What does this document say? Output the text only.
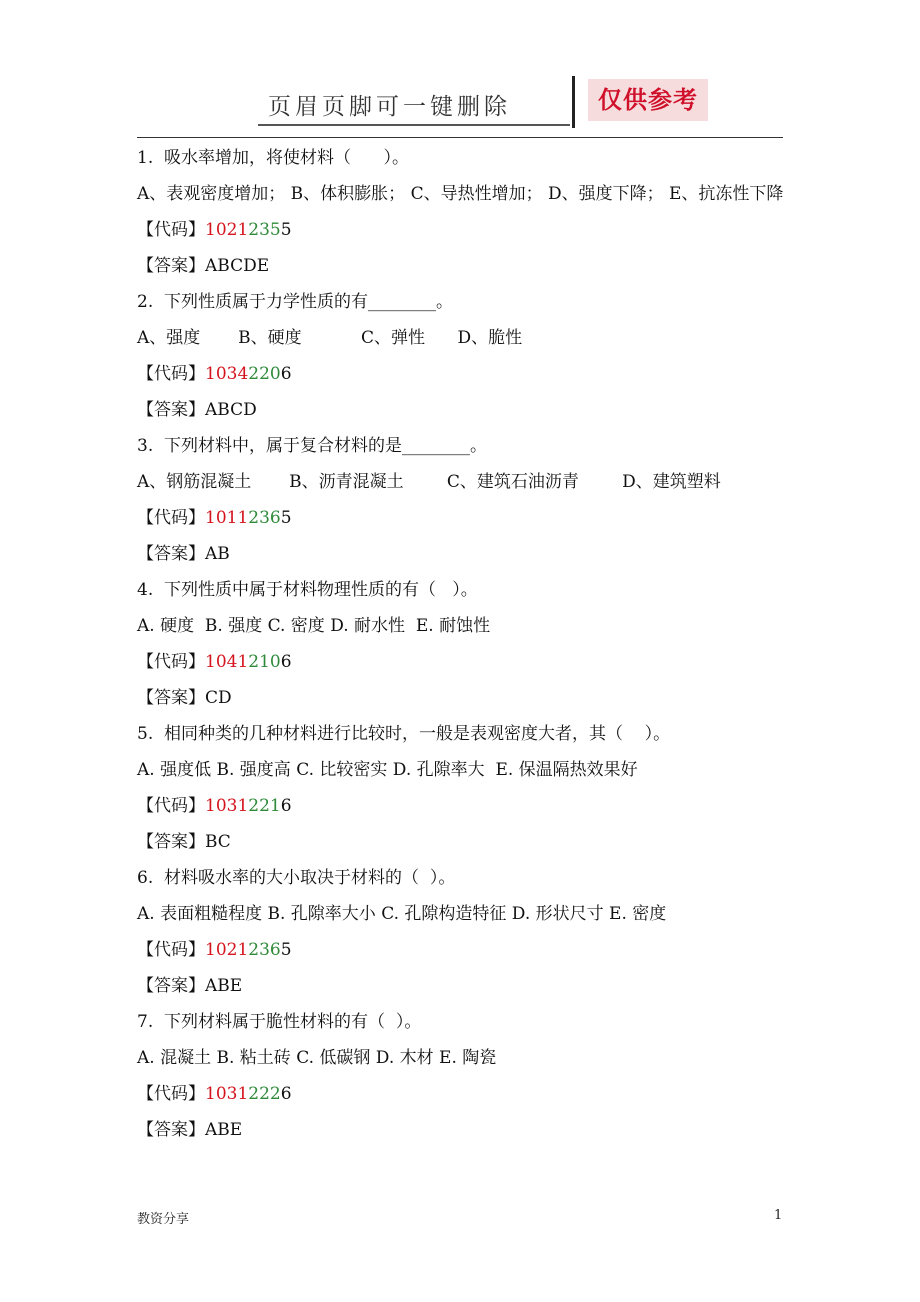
页眉页脚可一键删除	仅供参考
1.  吸水率增加，将使材料（      ）。
A、表观密度增加； B、体积膨胀； C、导热性增加； D、强度下降； E、抗冻性下降
【代码】10212355
【答案】ABCDE
2.  下列性质属于力学性质的有________。
A、强度       B、硬度           C、弹性      D、脆性
【代码】10342206
【答案】ABCD
3.  下列材料中，属于复合材料的是________。
A、钢筋混凝土       B、沥青混凝土        C、建筑石油沥青        D、建筑塑料
【代码】10112365
【答案】AB
4.  下列性质中属于材料物理性质的有（   ）。
A. 硬度  B. 强度 C. 密度 D. 耐水性  E. 耐蚀性
【代码】10412106
【答案】CD
5.  相同种类的几种材料进行比较时，一般是表观密度大者，其（    ）。
A. 强度低 B. 强度高 C. 比较密实 D. 孔隙率大  E. 保温隔热效果好
【代码】10312216
【答案】BC
6.  材料吸水率的大小取决于材料的（  ）。
A. 表面粗糙程度 B. 孔隙率大小 C. 孔隙构造特征 D. 形状尺寸 E. 密度
【代码】10212365
【答案】ABE
7.  下列材料属于脆性材料的有（  ）。
A. 混凝土 B. 粘土砖 C. 低碳钢 D. 木材 E. 陶瓷
【代码】10312226
【答案】ABE
教资分享	1
